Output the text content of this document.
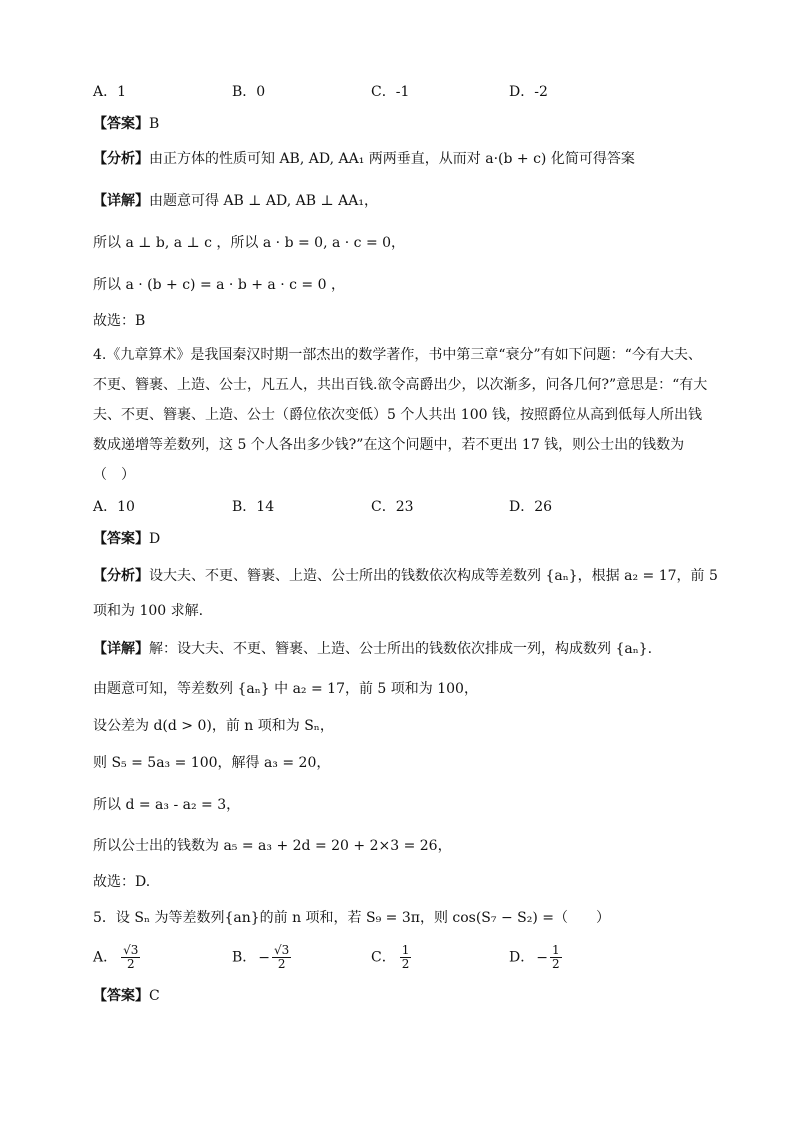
A．1	B．0	C．-1	D．-2
【答案】B
【分析】由正方体的性质可知 AB, AD, AA₁ 两两垂直，从而对 a·(b + c) 化简可得答案
【详解】由题意可得 AB ⊥ AD, AB ⊥ AA₁，
所以 a ⊥ b, a ⊥ c ，所以 a · b = 0, a · c = 0，
所以 a · (b + c) = a · b + a · c = 0 ，
故选：B
4.《九章算术》是我国秦汉时期一部杰出的数学著作，书中第三章“衰分”有如下问题：“今有大夫、
不更、簪裹、上造、公士，凡五人，共出百钱.欲令高爵出少，以次渐多，问各几何?”意思是：“有大
夫、不更、簪裹、上造、公士（爵位依次变低）5 个人共出 100 钱，按照爵位从高到低每人所出钱
数成递增等差数列，这 5 个人各出多少钱?”在这个问题中，若不更出 17 钱，则公士出的钱数为
（　）
A．10	B．14	C．23	D．26
【答案】D
【分析】设大夫、不更、簪裹、上造、公士所出的钱数依次构成等差数列 {aₙ}，根据 a₂ = 17，前 5
项和为 100 求解.
【详解】解：设大夫、不更、簪裹、上造、公士所出的钱数依次排成一列，构成数列 {aₙ}.
由题意可知，等差数列 {aₙ} 中 a₂ = 17，前 5 项和为 100，
设公差为 d(d > 0)，前 n 项和为 Sₙ，
则 S₅ = 5a₃ = 100，解得 a₃ = 20，
所以 d = a₃ - a₂ = 3，
所以公士出的钱数为 a₅ = a₃ + 2d = 20 + 2×3 = 26，
故选：D.
5．设 Sₙ 为等差数列{an}的前 n 项和，若 S₉ = 3π，则 cos(S₇ − S₂) =（　　）
A． $\frac{√3}{2}$	B． − $\frac{√3}{2}$	C． $\frac{1}{2}$	D． − $\frac{1}{2}$
【答案】C
